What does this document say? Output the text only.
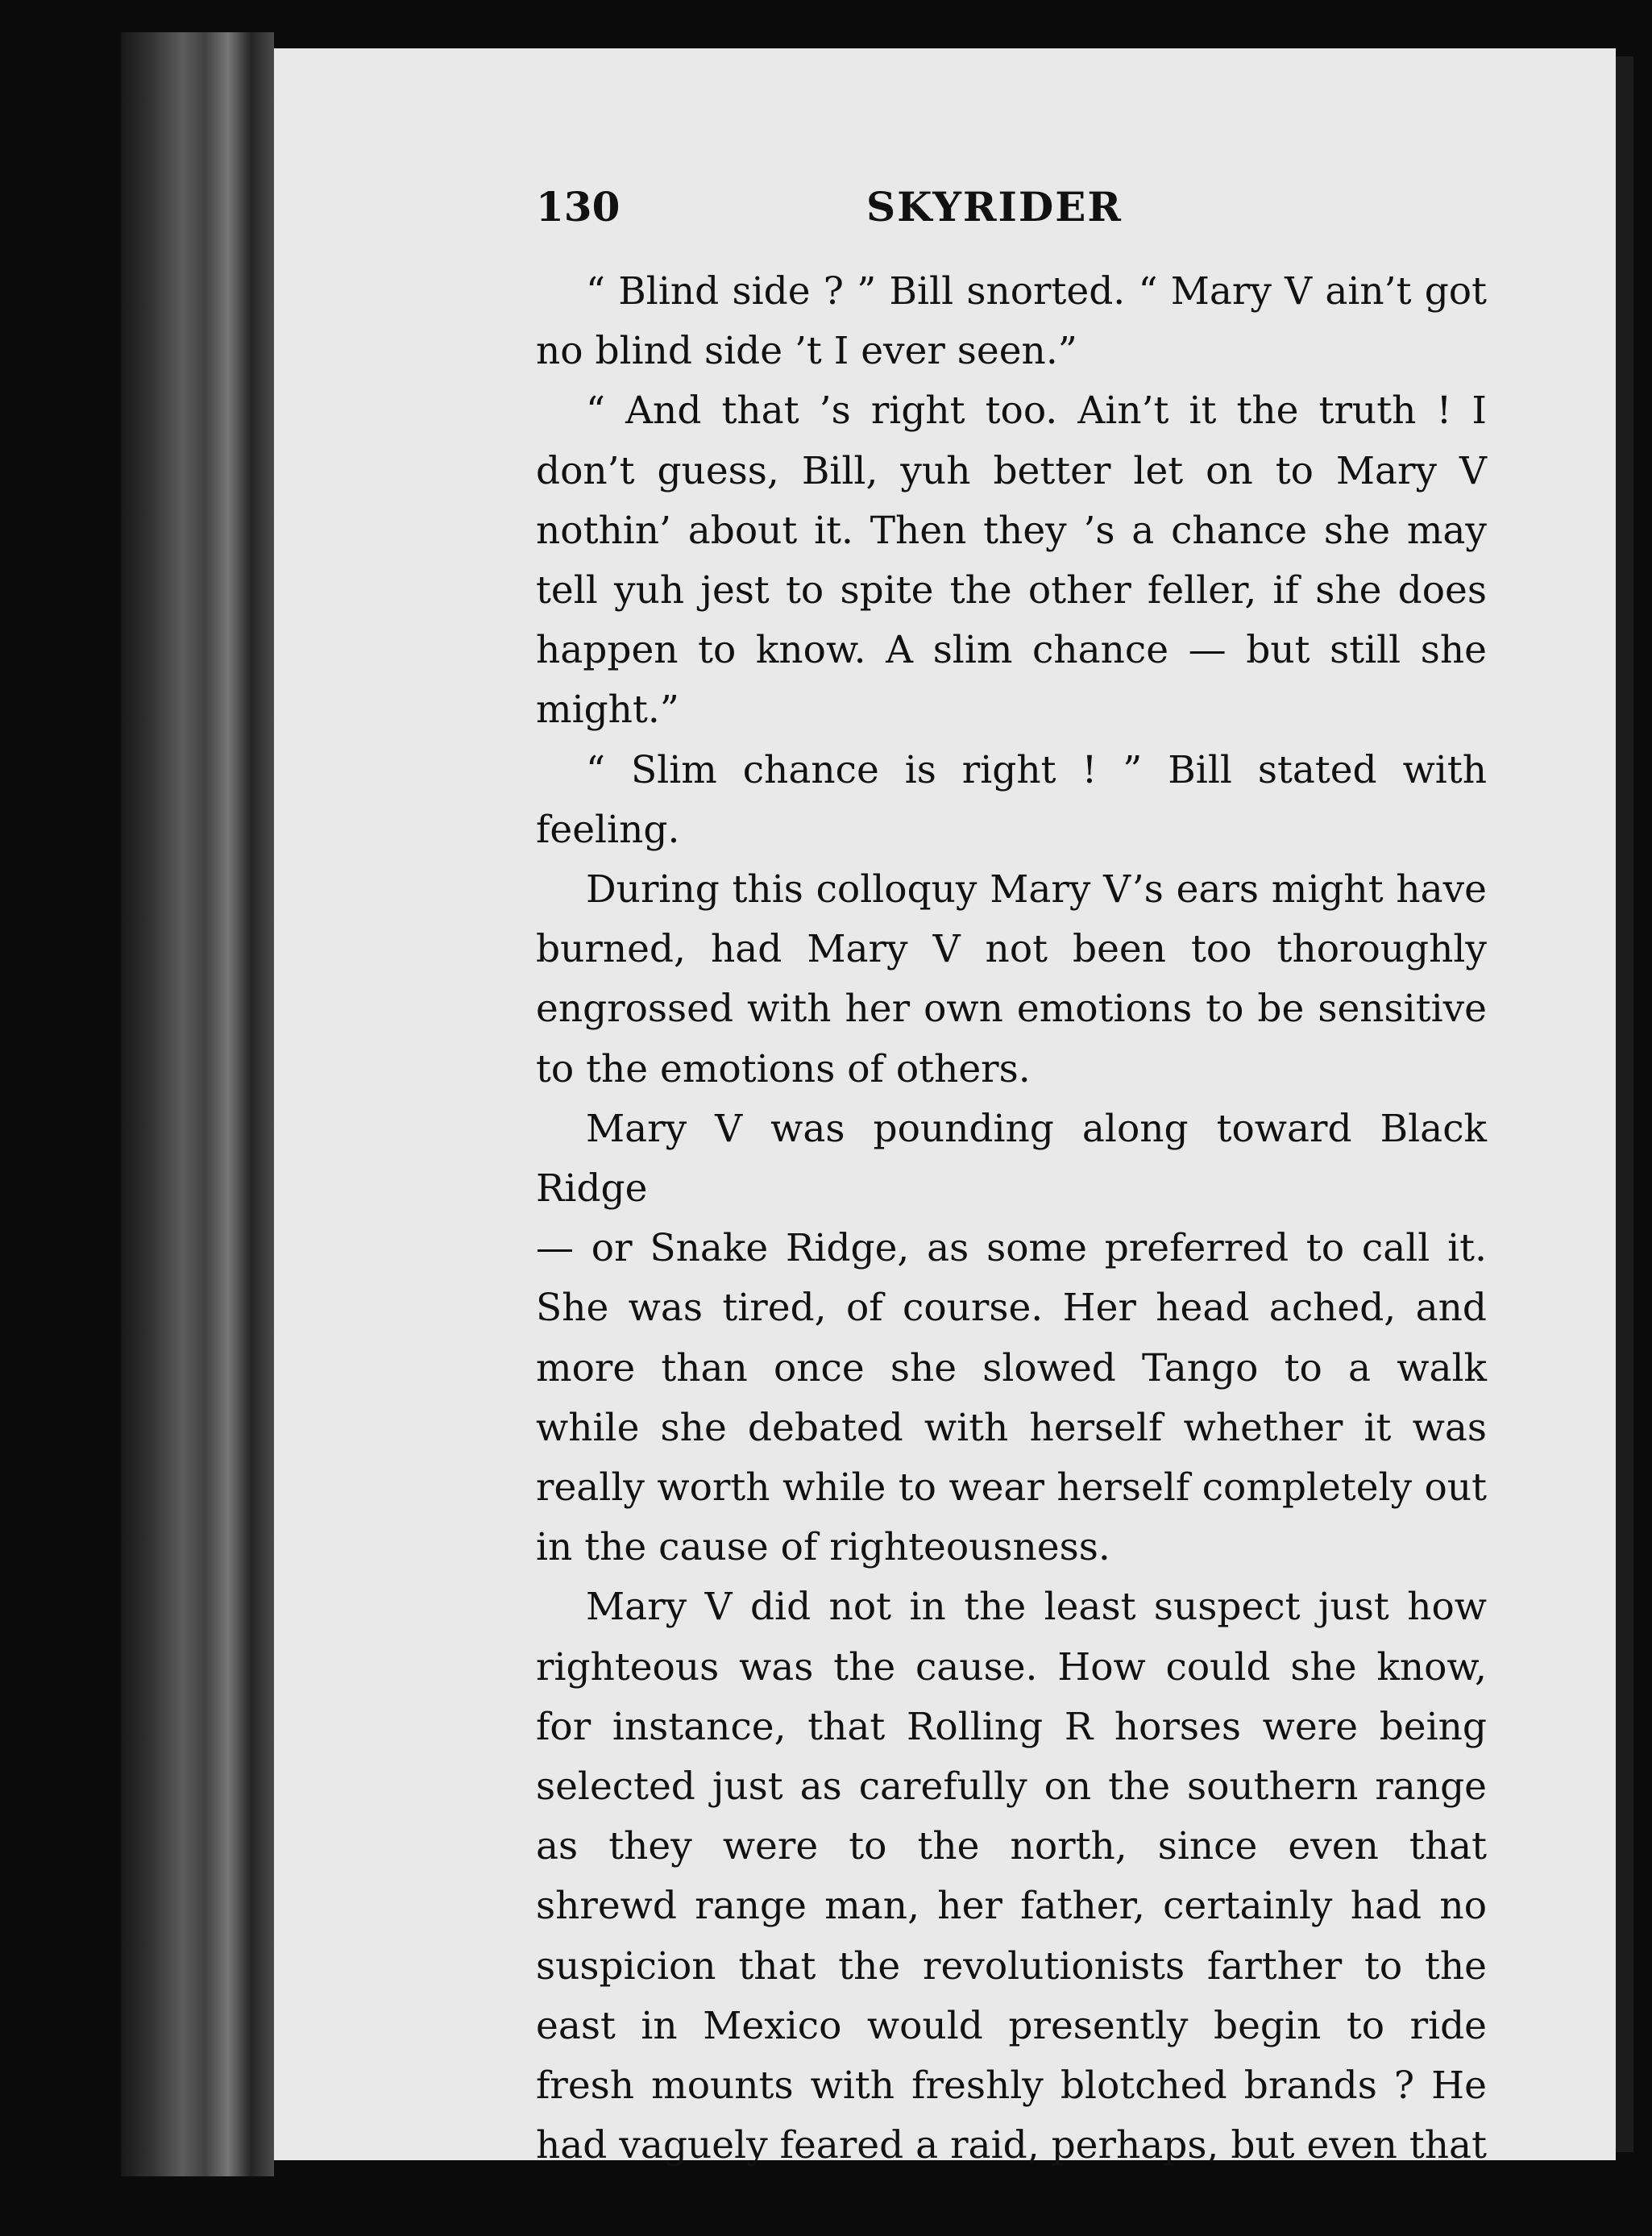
130	SKYRIDER

“ Blind side ? ” Bill snorted. “ Mary V ain’t got no blind side ’t I ever seen.”

“ And that ’s right too. Ain’t it the truth ! I don’t guess, Bill, yuh better let on to Mary V nothin’ about it. Then they ’s a chance she may tell yuh jest to spite the other feller, if she does happen to know. A slim chance — but still she might.”

“ Slim chance is right ! ” Bill stated with feeling.

During this colloquy Mary V’s ears might have burned, had Mary V not been too thoroughly engrossed with her own emotions to be sensitive to the emotions of others.

Mary V was pounding along toward Black Ridge

— or Snake Ridge, as some preferred to call it. She was tired, of course. Her head ached, and more than once she slowed Tango to a walk while she debated with herself whether it was really worth while to wear herself completely out in the cause of righteousness.

Mary V did not in the least suspect just how righteous was the cause. How could she know, for instance, that Rolling R horses were being selected just as carefully on the southern range as they were to the north, since even that shrewd range man, her father, certainly had no suspicion that the revolutionists farther to the east in Mexico would presently begin to ride fresh mounts with freshly blotched brands ? He had vaguely feared a raid, perhaps, but even that
